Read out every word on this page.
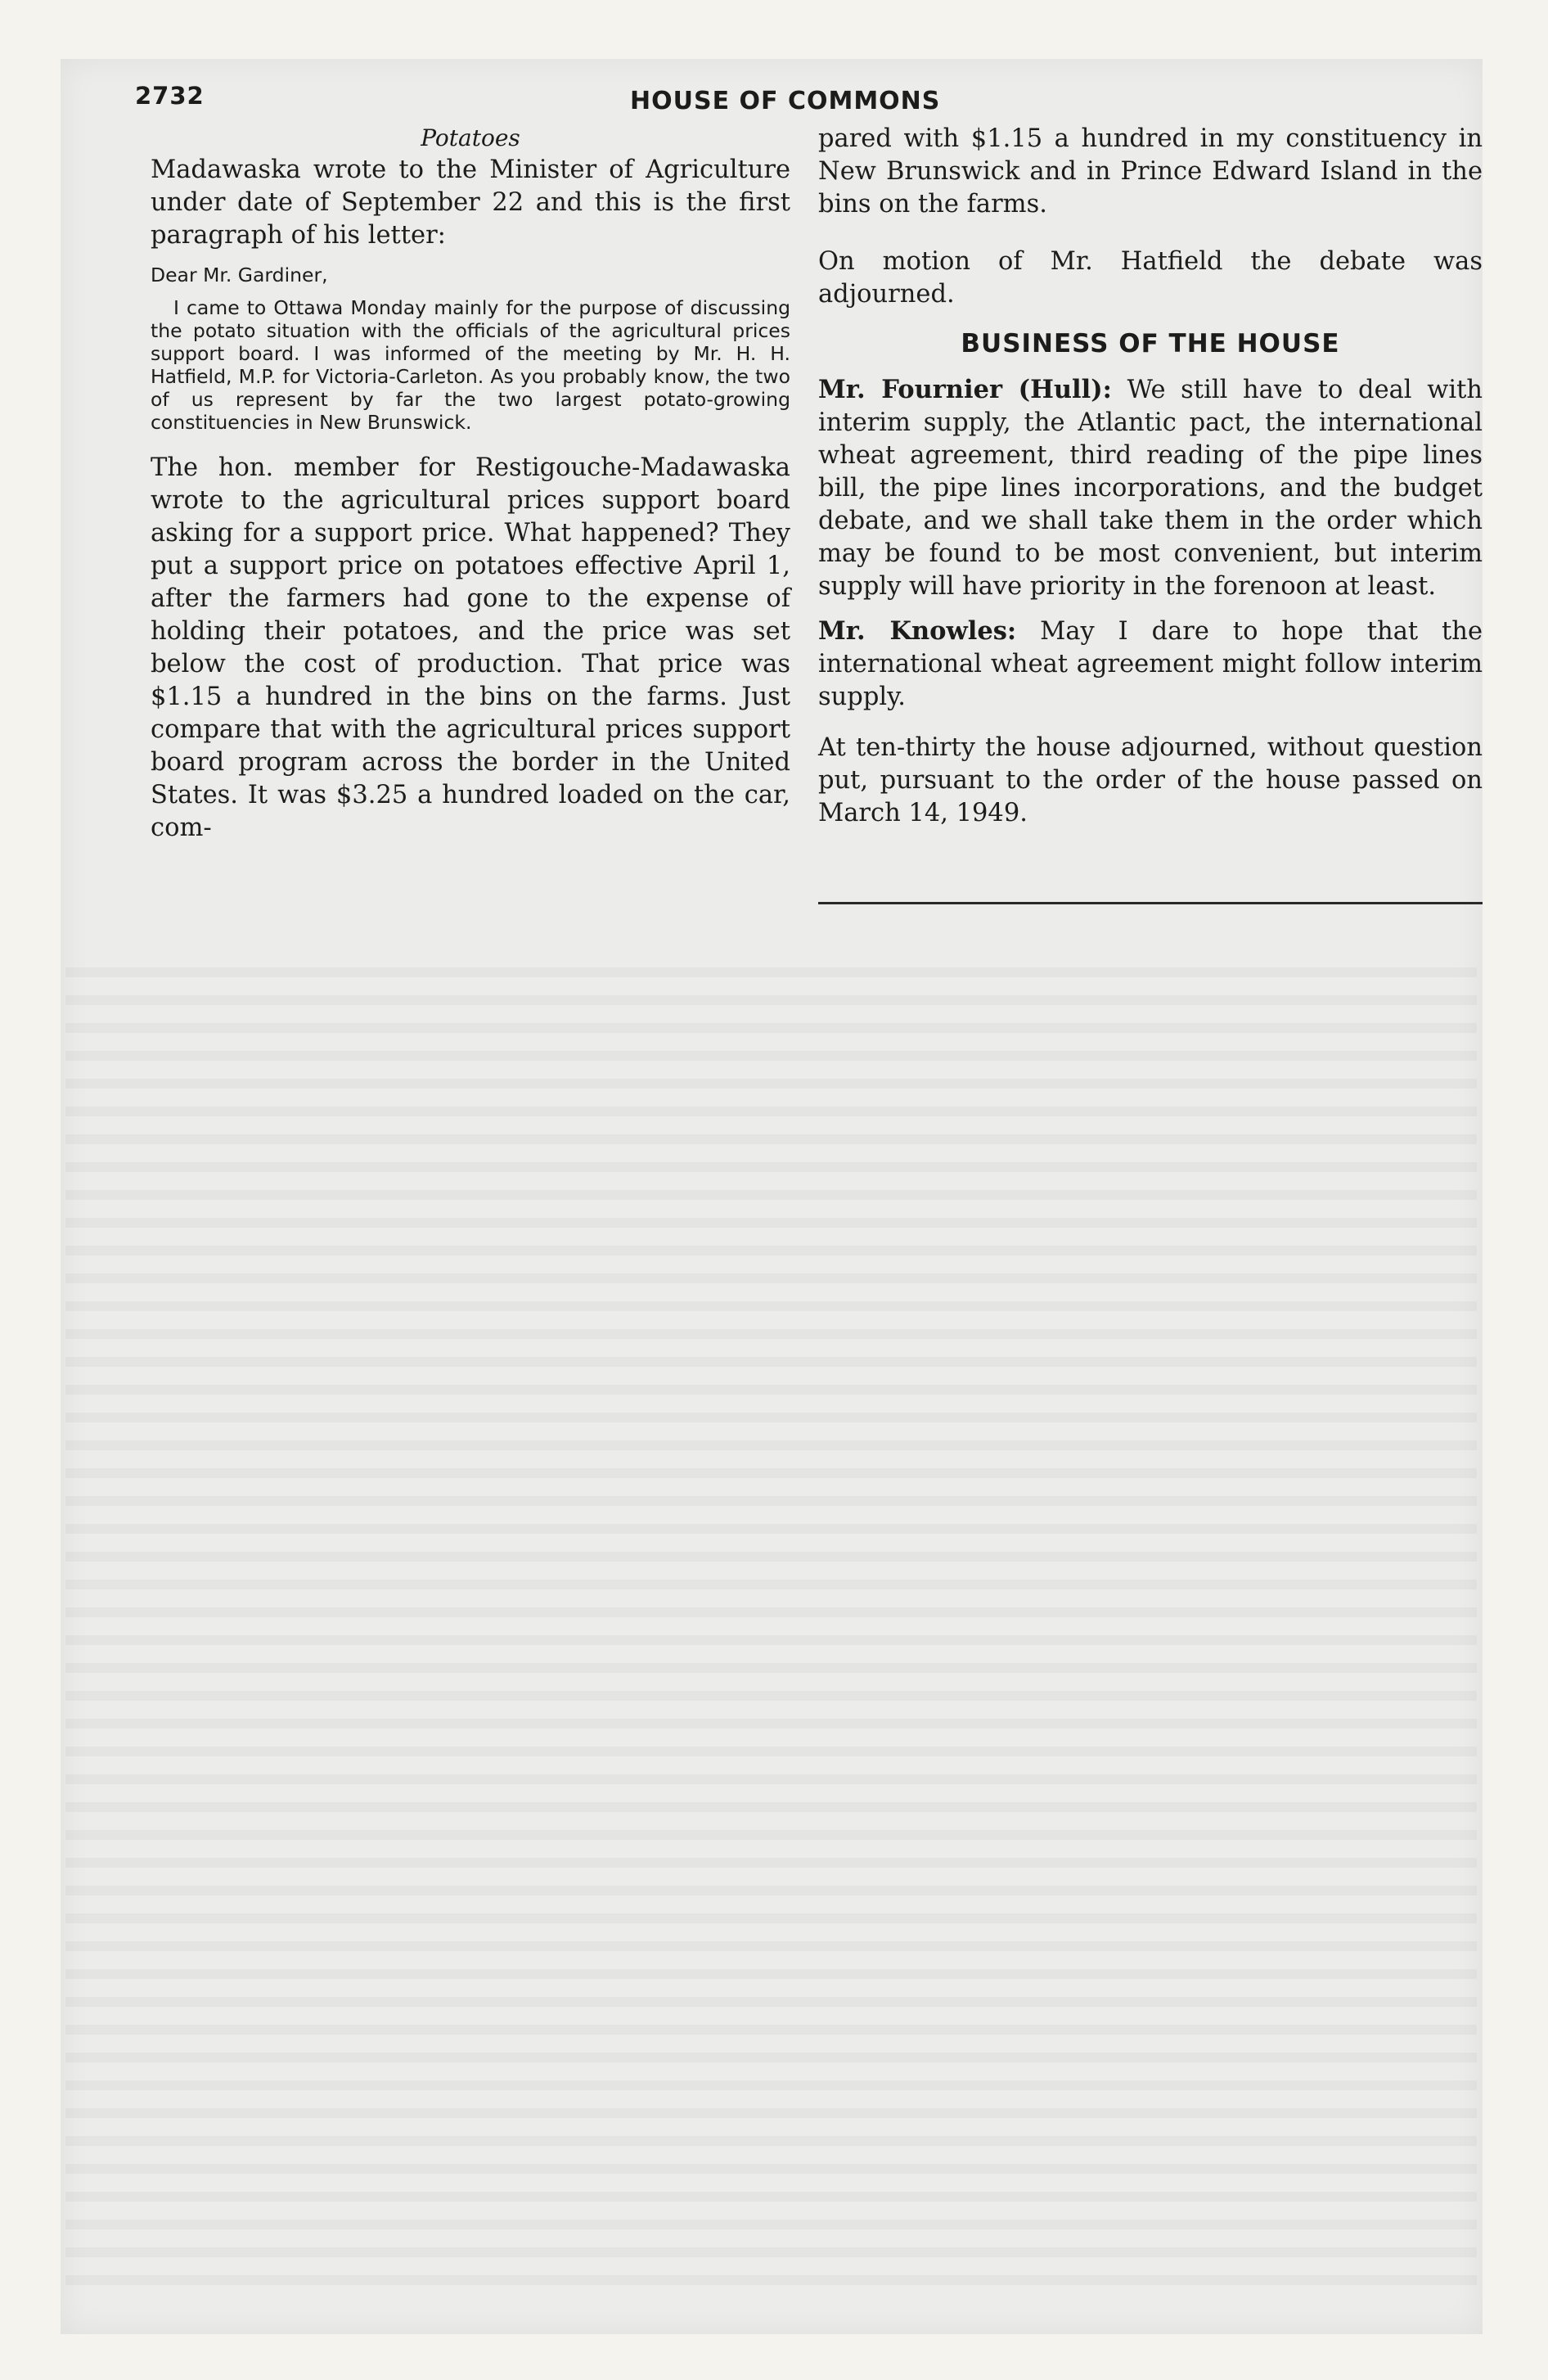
2732	HOUSE OF COMMONS

Potatoes

Madawaska wrote to the Minister of Agriculture under date of September 22 and this is the first paragraph of his letter:

Dear Mr. Gardiner,

I came to Ottawa Monday mainly for the purpose of discussing the potato situation with the officials of the agricultural prices support board. I was informed of the meeting by Mr. H. H. Hatfield, M.P. for Victoria-Carleton. As you probably know, the two of us represent by far the two largest potato-growing constituencies in New Brunswick.

The hon. member for Restigouche-Madawaska wrote to the agricultural prices support board asking for a support price. What happened? They put a support price on potatoes effective April 1, after the farmers had gone to the expense of holding their potatoes, and the price was set below the cost of production. That price was $1.15 a hundred in the bins on the farms. Just compare that with the agricultural prices support board program across the border in the United States. It was $3.25 a hundred loaded on the car, com-

pared with $1.15 a hundred in my constituency in New Brunswick and in Prince Edward Island in the bins on the farms.

On motion of Mr. Hatfield the debate was adjourned.

BUSINESS OF THE HOUSE

Mr. Fournier (Hull): We still have to deal with interim supply, the Atlantic pact, the international wheat agreement, third reading of the pipe lines bill, the pipe lines incorporations, and the budget debate, and we shall take them in the order which may be found to be most convenient, but interim supply will have priority in the forenoon at least.

Mr. Knowles: May I dare to hope that the international wheat agreement might follow interim supply.

At ten-thirty the house adjourned, without question put, pursuant to the order of the house passed on March 14, 1949.
